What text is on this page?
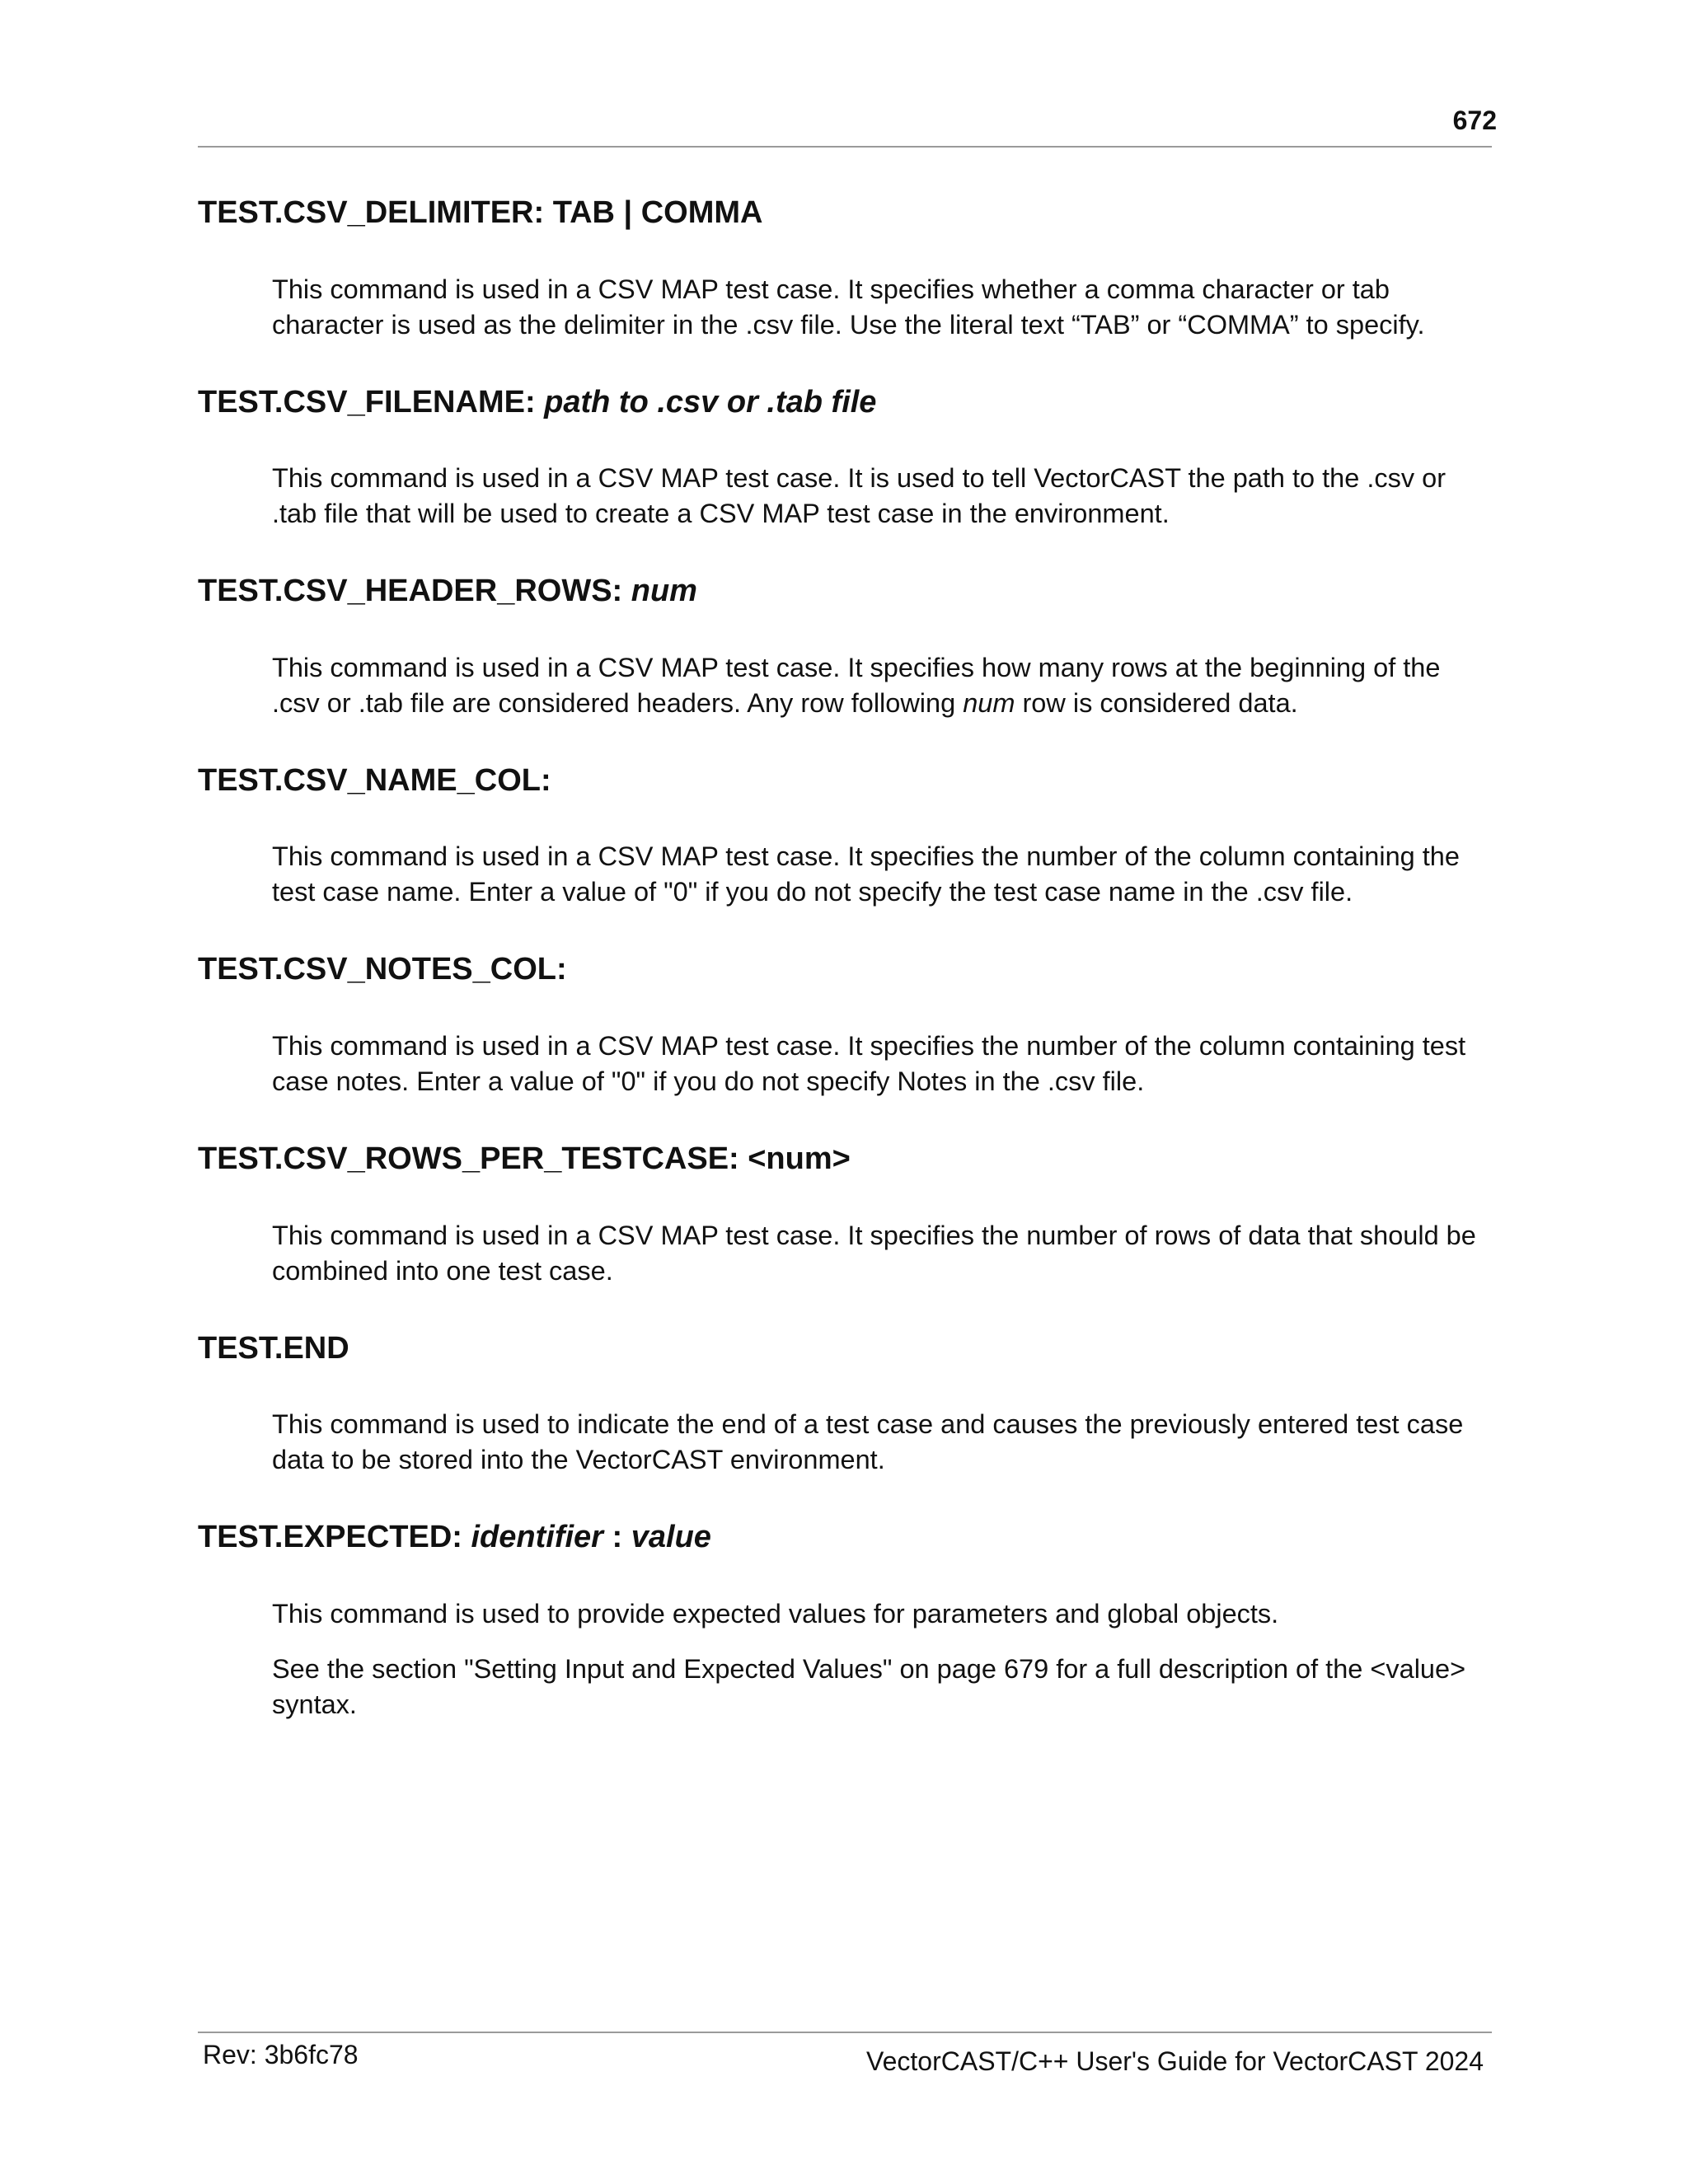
672
TEST.CSV_DELIMITER: TAB | COMMA

This command is used in a CSV MAP test case. It specifies whether a comma character or tab character is used as the delimiter in the .csv file. Use the literal text “TAB” or “COMMA” to specify.

TEST.CSV_FILENAME: path to .csv or .tab file

This command is used in a CSV MAP test case. It is used to tell VectorCAST the path to the .csv or .tab file that will be used to create a CSV MAP test case in the environment.

TEST.CSV_HEADER_ROWS: num

This command is used in a CSV MAP test case. It specifies how many rows at the beginning of the .csv or .tab file are considered headers. Any row following num row is considered data.

TEST.CSV_NAME_COL:

This command is used in a CSV MAP test case. It specifies the number of the column containing the test case name. Enter a value of "0" if you do not specify the test case name in the .csv file.

TEST.CSV_NOTES_COL:

This command is used in a CSV MAP test case. It specifies the number of the column containing test case notes. Enter a value of "0" if you do not specify Notes in the .csv file.

TEST.CSV_ROWS_PER_TESTCASE: <num>

This command is used in a CSV MAP test case. It specifies the number of rows of data that should be combined into one test case.

TEST.END

This command is used to indicate the end of a test case and causes the previously entered test case data to be stored into the VectorCAST environment.

TEST.EXPECTED: identifier : value

This command is used to provide expected values for parameters and global objects.

See the section "Setting Input and Expected Values" on page 679 for a full description of the <value> syntax.

Rev: 3b6fc78	VectorCAST/C++ User's Guide for VectorCAST 2024
